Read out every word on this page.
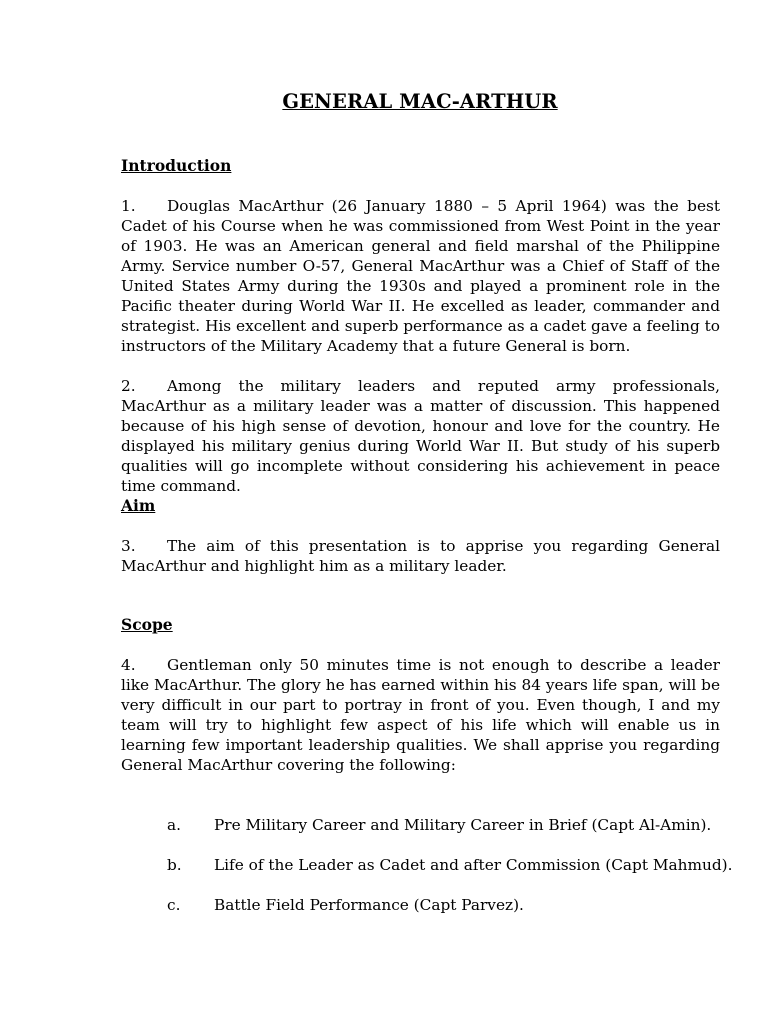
GENERAL MAC-ARTHUR
Introduction

1. Douglas MacArthur (26 January 1880 – 5 April 1964) was the best Cadet of his Course when he was commissioned from West Point in the year of 1903. He was an American general and field marshal of the Philippine Army. Service number O-57, General MacArthur was a Chief of Staff of the United States Army during the 1930s and played a prominent role in the Pacific theater during World War II. He excelled as leader, commander and strategist. His excellent and superb performance as a cadet gave a feeling to instructors of the Military Academy that a future General is born.

2. Among the military leaders and reputed army professionals, MacArthur as a military leader was a matter of discussion. This happened because of his high sense of devotion, honour and love for the country. He displayed his military genius during World War II. But study of his superb qualities will go incomplete without considering his achievement in peace time command.

Aim

3. The aim of this presentation is to apprise you regarding General MacArthur and highlight him as a military leader.

Scope

4. Gentleman only 50 minutes time is not enough to describe a leader like MacArthur. The glory he has earned within his 84 years life span, will be very difficult in our part to portray in front of you. Even though, I and my team will try to highlight few aspect of his life which will enable us in learning few important leadership qualities. We shall apprise you regarding General MacArthur covering the following:

a. Pre Military Career and Military Career in Brief (Capt Al-Amin).
b. Life of the Leader as Cadet and after Commission (Capt Mahmud).
c. Battle Field Performance (Capt Parvez).
